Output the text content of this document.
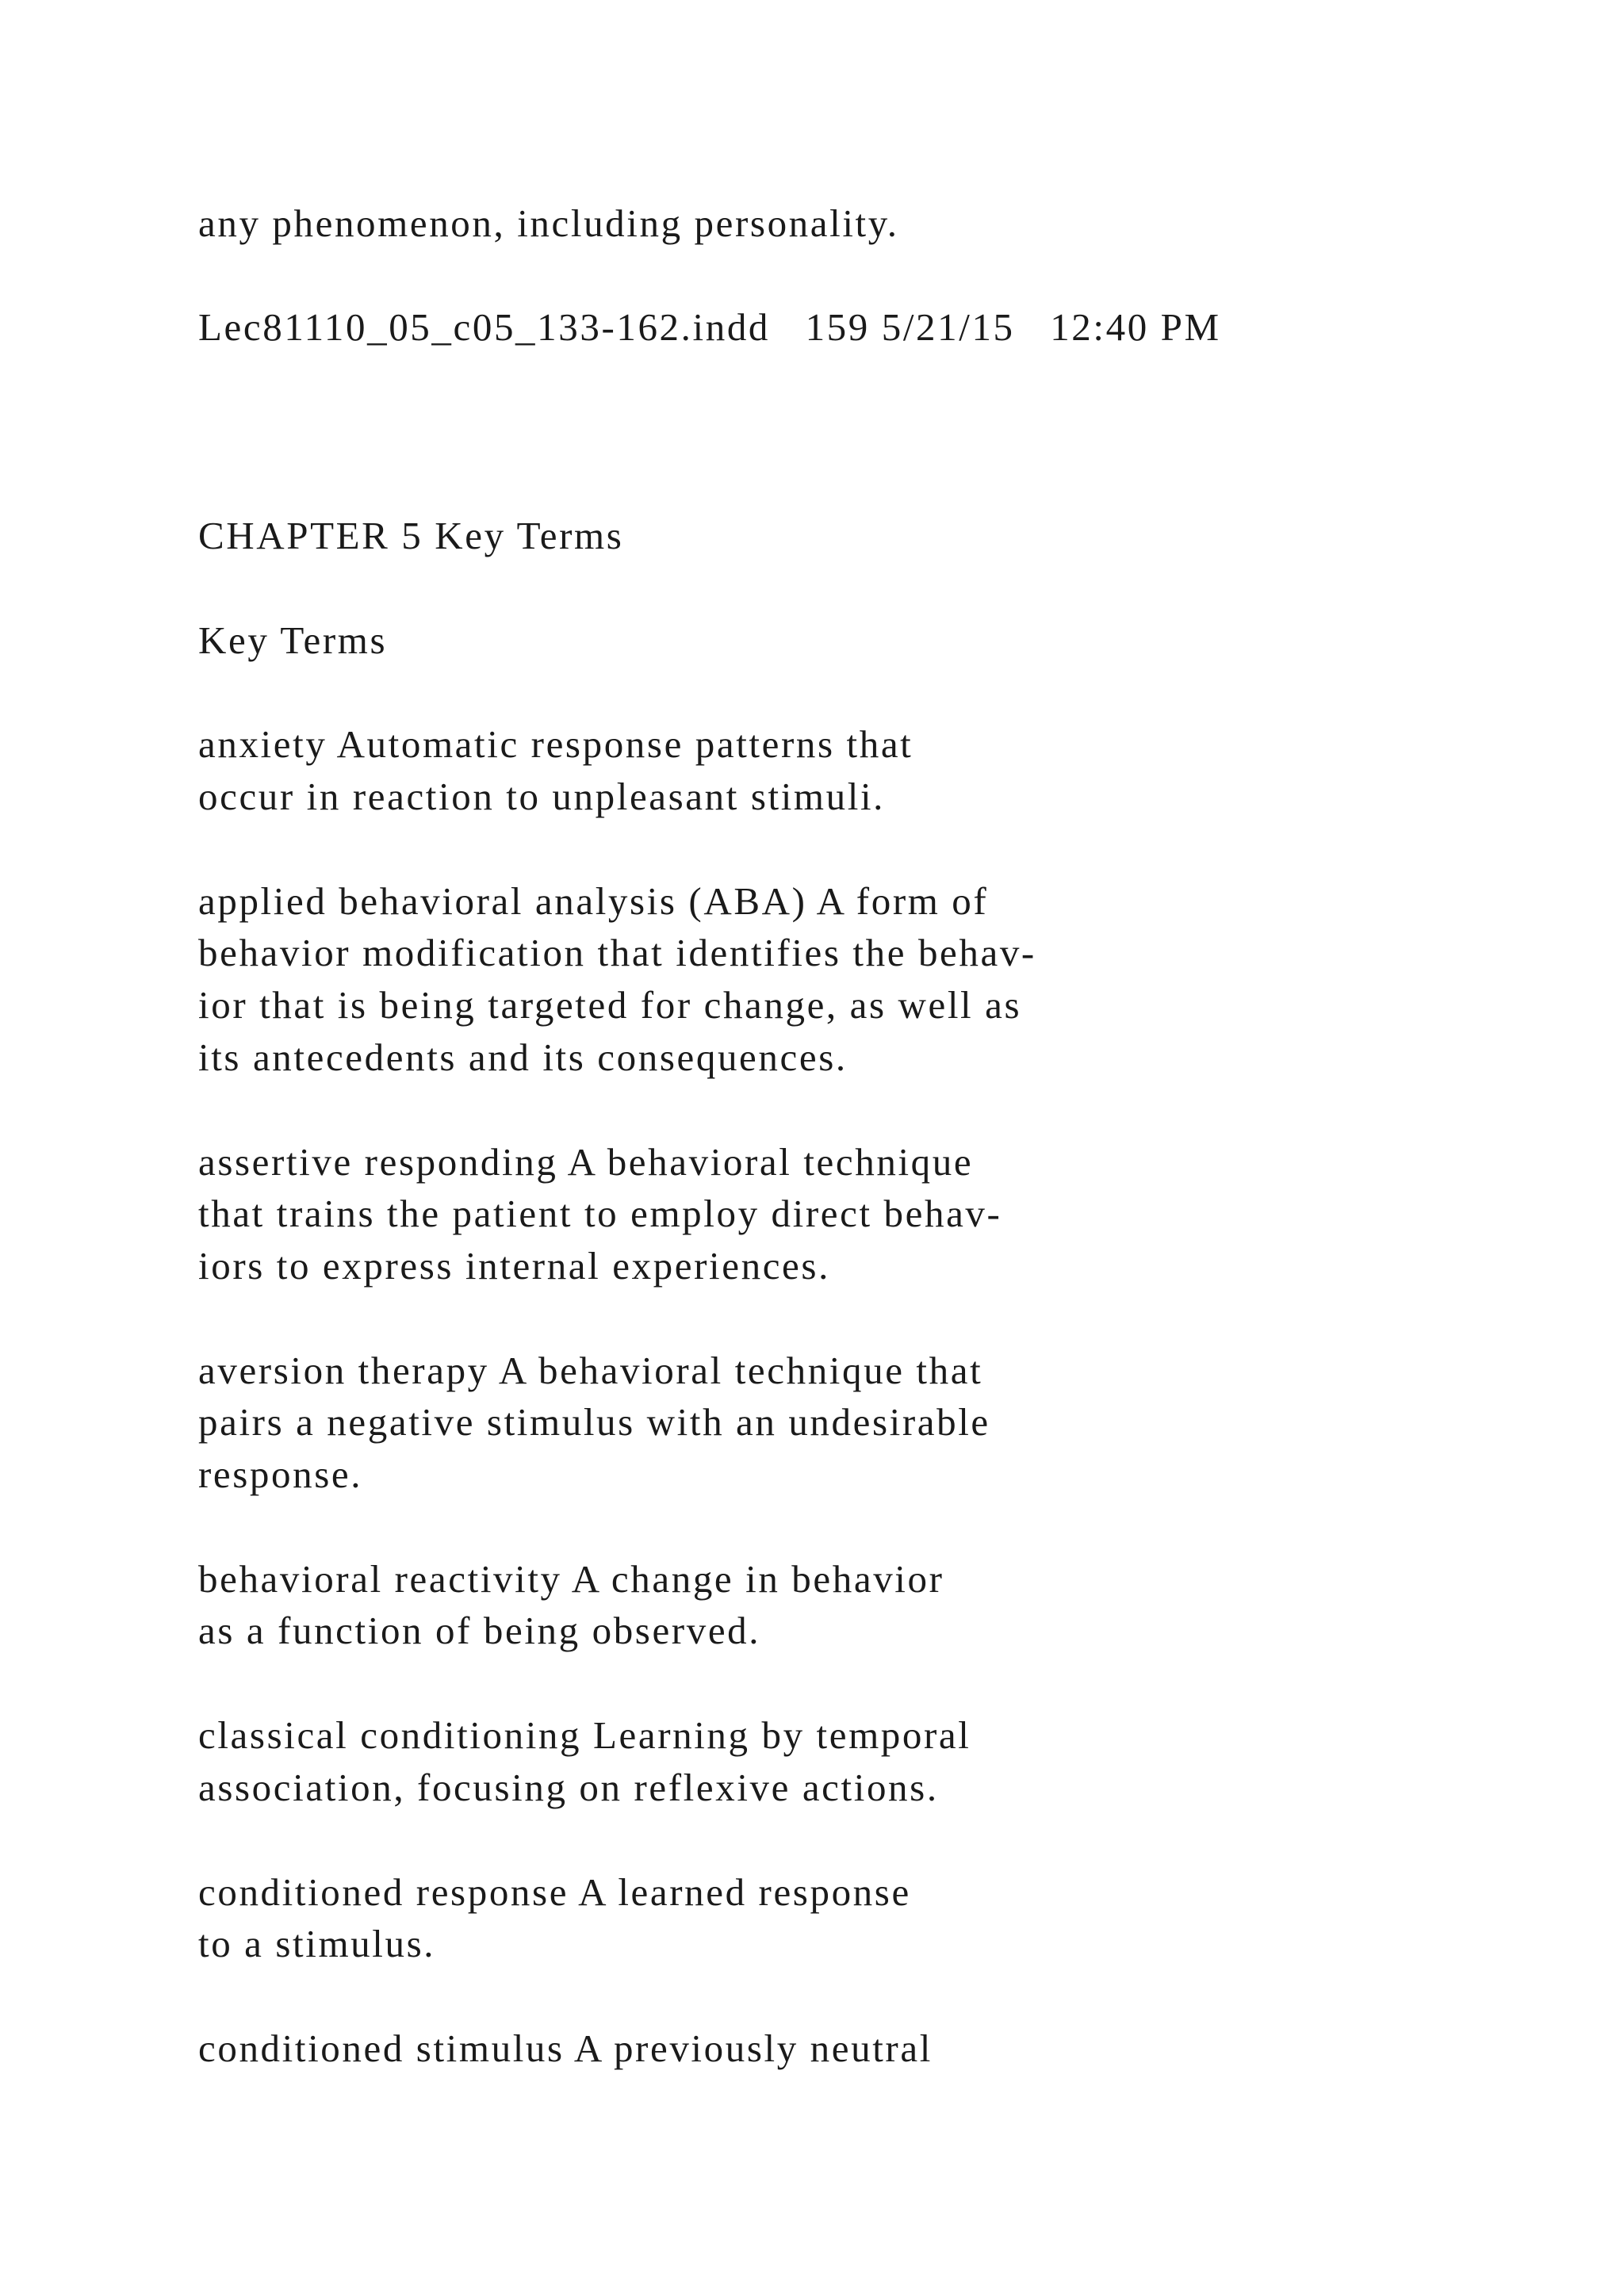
any phenomenon, including personality.

Lec81110_05_c05_133-162.indd   159 5/21/15   12:40 PM

CHAPTER 5 Key Terms

Key Terms

anxiety Automatic response patterns that

occur in reaction to unpleasant stimuli.

applied behavioral analysis (ABA) A form of

behavior modification that identifies the behav-

ior that is being targeted for change, as well as

its antecedents and its consequences.

assertive responding A behavioral technique

that trains the patient to employ direct behav-

iors to express internal experiences.

aversion therapy A behavioral technique that

pairs a negative stimulus with an undesirable

response.

behavioral reactivity A change in behavior

as a function of being observed.

classical conditioning Learning by temporal

association, focusing on reflexive actions.

conditioned response A learned response

to a stimulus.

conditioned stimulus A previously neutral
